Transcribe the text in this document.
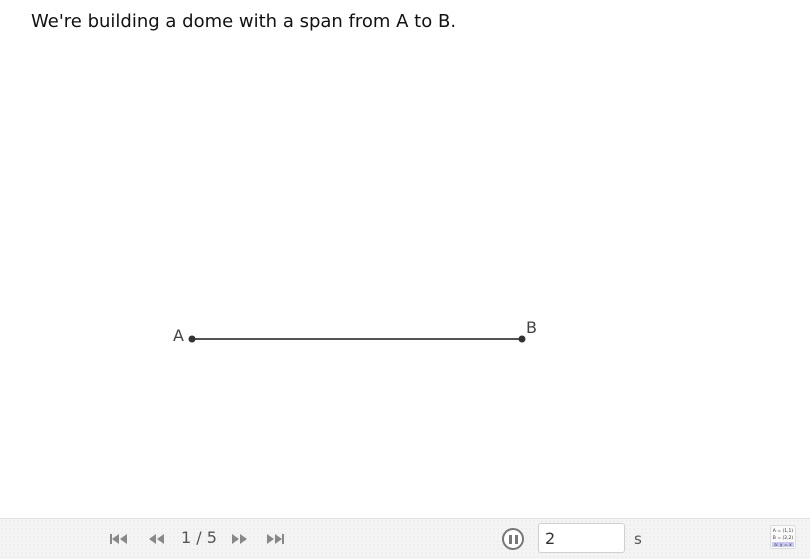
We're building a dome with a span from A to B.
A	B
1 / 5
2	s	A = (1,1)
B = (2,2)
a: y = x
